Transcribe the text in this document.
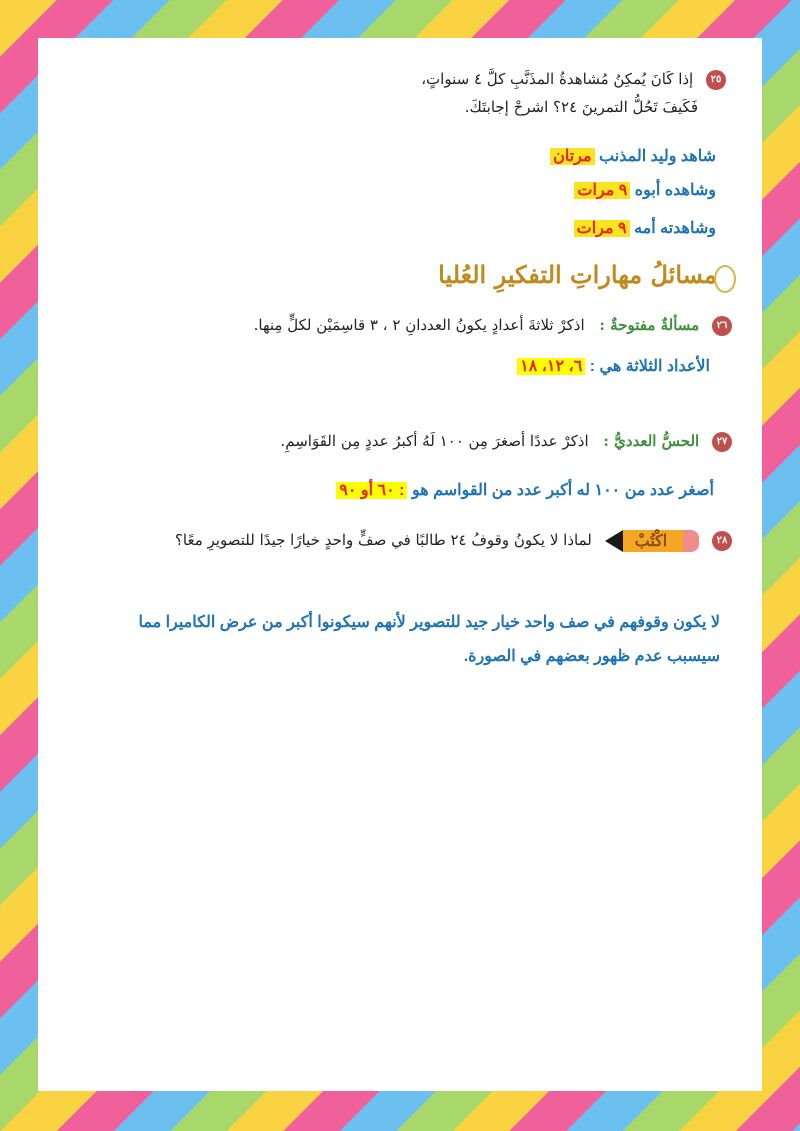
٢٥ إذا كَانَ يُمكِنُ مُشاهدةُ المذَنَّبِ كلَّ ٤ سنواتٍ،
فَكَيفَ تَحُلُّ التمرينَ ٢٤؟ اشرحْ إجابتَكَ.
شاهد وليد المذنب مرتان
وشاهده أبوه ٩ مرات
وشاهدته أمه ٩ مرات
مسائلُ مهاراتِ التفكيرِ العُليا
٢٦ مسألةٌ مفتوحةٌ : اذكرْ ثلاثةَ أعدادٍ يكونُ العددانِ ٢ ، ٣ قاسِمَيْن لكلٍّ مِنها.
الأعداد الثلاثة هي : ٦، ١٢، ١٨
٢٧ الحسُّ العدديُّ : اذكرْ عددًا أصغرَ مِن ١٠٠ لَهُ أكبرُ عددٍ مِن القَوَاسِمِ.
أصغر عدد من ١٠٠ له أكبر عدد من القواسم هو : ٦٠ أو ٩٠
٢٨
اكْتُبْ
لماذا لا يكونُ وقوفُ ٢٤ طالبًا في صفٍّ واحدٍ خيارًا جيدًا للتصويرِ معًا؟
لا يكون وقوفهم في صف واحد خيار جيد للتصوير لأنهم سيكونوا أكبر من عرض الكاميرا مما
سيسبب عدم ظهور بعضهم في الصورة.
